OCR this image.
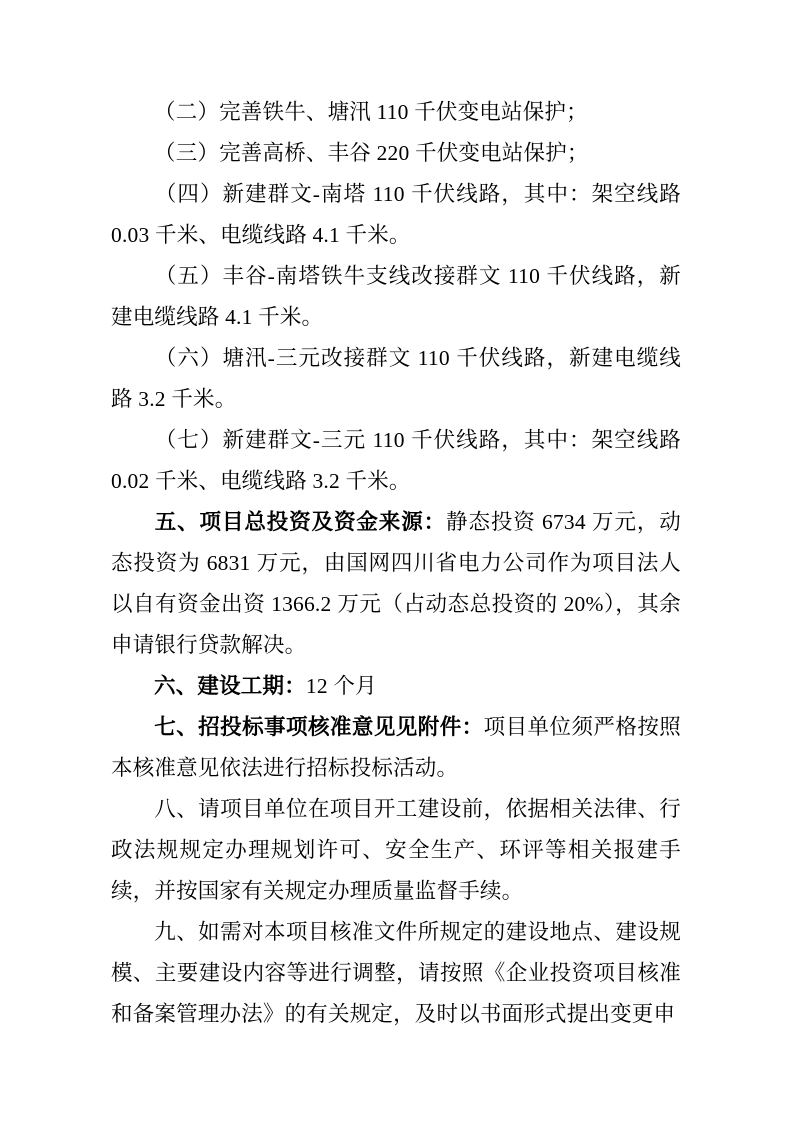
（二）完善铁牛、塘汛 110 千伏变电站保护；

（三）完善高桥、丰谷 220 千伏变电站保护；

（四）新建群文-南塔 110 千伏线路，其中：架空线路 0.03 千米、电缆线路 4.1 千米。

（五）丰谷-南塔铁牛支线改接群文 110 千伏线路，新建电缆线路 4.1 千米。

（六）塘汛-三元改接群文 110 千伏线路，新建电缆线路 3.2 千米。

（七）新建群文-三元 110 千伏线路，其中：架空线路 0.02 千米、电缆线路 3.2 千米。

五、项目总投资及资金来源：静态投资 6734 万元，动态投资为 6831 万元，由国网四川省电力公司作为项目法人以自有资金出资 1366.2 万元（占动态总投资的 20%），其余申请银行贷款解决。

六、建设工期：12 个月

七、招投标事项核准意见见附件：项目单位须严格按照本核准意见依法进行招标投标活动。

八、请项目单位在项目开工建设前，依据相关法律、行政法规规定办理规划许可、安全生产、环评等相关报建手续，并按国家有关规定办理质量监督手续。

九、如需对本项目核准文件所规定的建设地点、建设规模、主要建设内容等进行调整，请按照《企业投资项目核准和备案管理办法》的有关规定，及时以书面形式提出变更申
